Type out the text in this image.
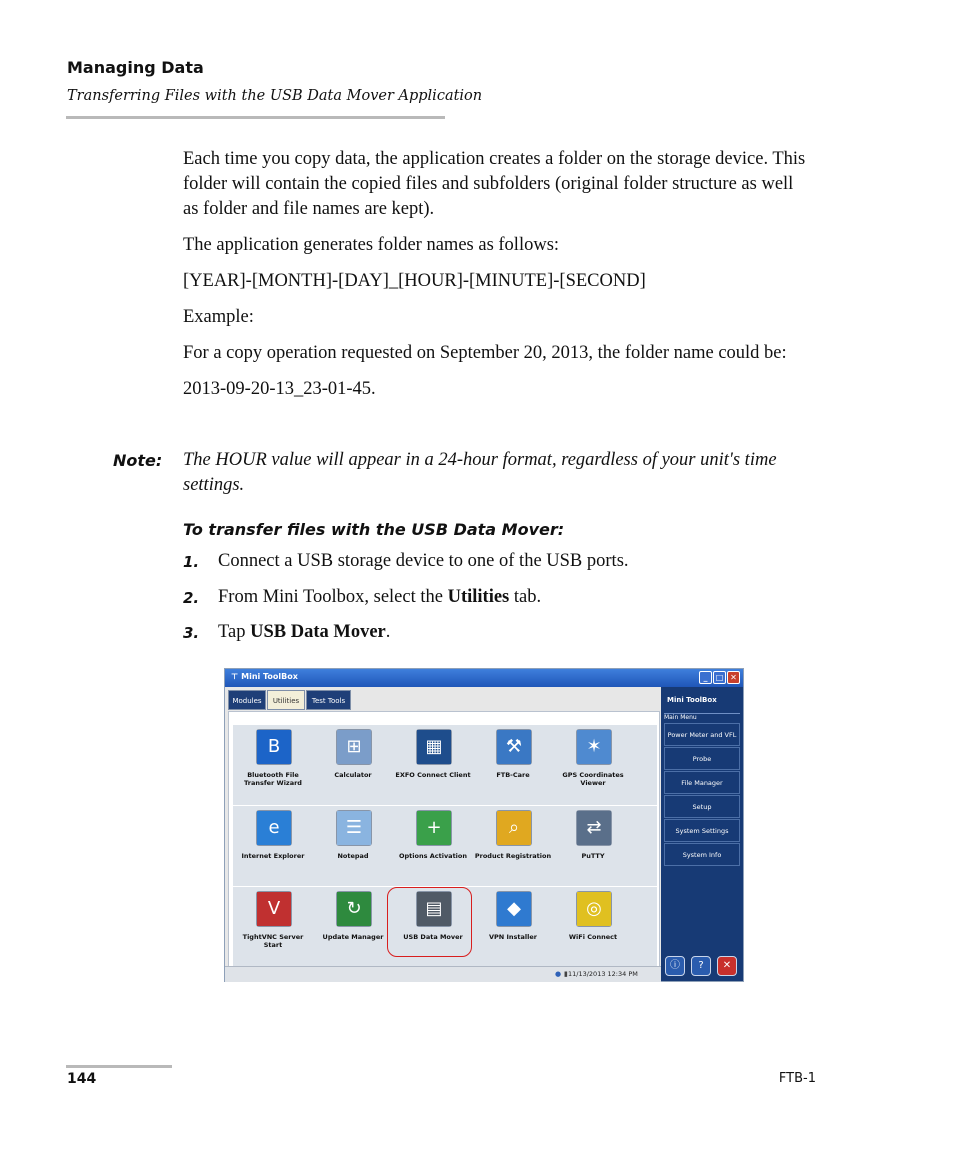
Managing Data
Transferring Files with the USB Data Mover Application

Each time you copy data, the application creates a folder on the storage device. This folder will contain the copied files and subfolders (original folder structure as well as folder and file names are kept).

The application generates folder names as follows:

[YEAR]-[MONTH]-[DAY]_[HOUR]-[MINUTE]-[SECOND]

Example:

For a copy operation requested on September 20, 2013, the folder name could be:

2013-09-20-13_23-01-45.

Note: The HOUR value will appear in a 24-hour format, regardless of your unit's time settings.
To transfer files with the USB Data Mover:
1. Connect a USB storage device to one of the USB ports.
2. From Mini Toolbox, select the Utilities tab.
3. Tap USB Data Mover.
⊤ Mini ToolBox	_	□ ✕
Modules	Utilities	Test Tools
B
Bluetooth File Transfer Wizard
⊞
Calculator
▦
EXFO Connect Client
⚒
FTB-Care
✶
GPS Coordinates Viewer
e
Internet Explorer
☰
Notepad
+
Options Activation
⌕
Product Registration
⇄
PuTTY
V
TightVNC Server Start
↻
Update Manager
▤
USB Data Mover
◆
VPN Installer
◎
WiFi Connect
Mini ToolBox
Main Menu
Power Meter and VFL
Probe
File Manager
Setup
System Settings
System Info
ⓘ	?	✕
● ▮ 11/13/2013 12:34 PM
144	FTB-1
